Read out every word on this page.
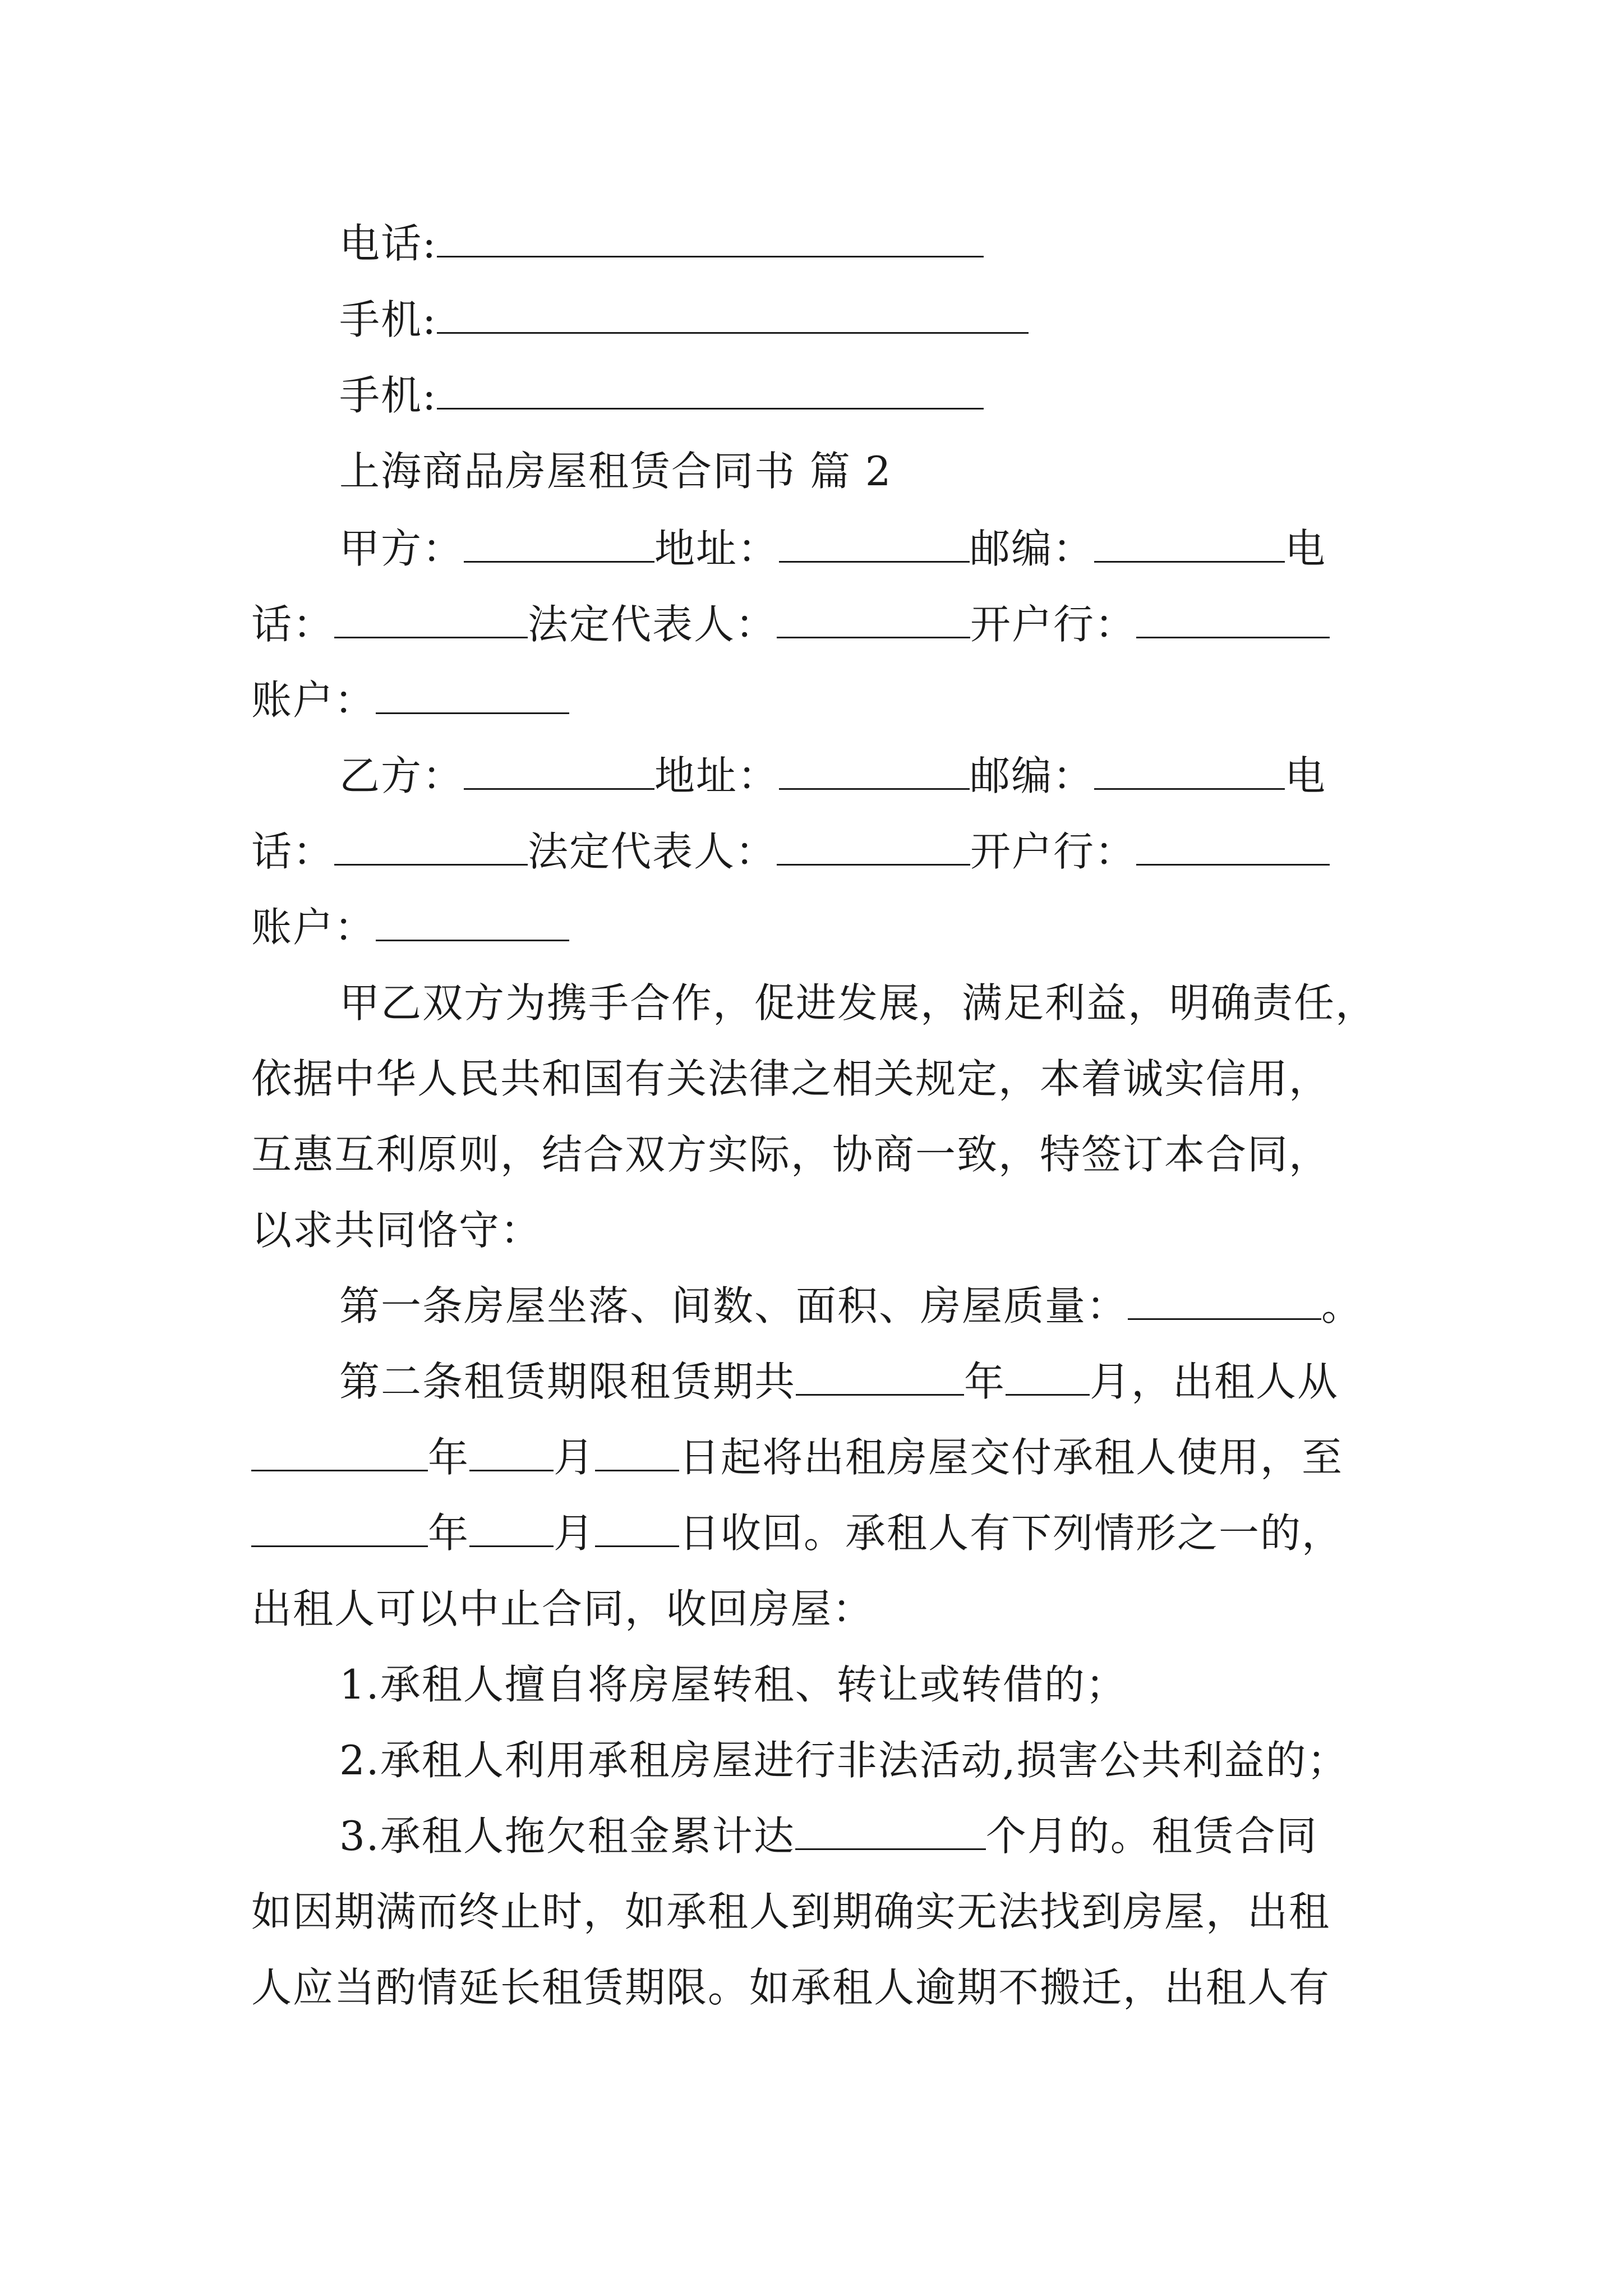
电话:
手机:
手机:
上海商品房屋租赁合同书 篇 2
甲方：	地址：	邮编：	电
话：	法定代表人：	开户行：
账户：
乙方：	地址：	邮编：	电
话：	法定代表人：	开户行：
账户：
甲乙双方为携手合作，促进发展，满足利益，明确责任，
依据中华人民共和国有关法律之相关规定，本着诚实信用，
互惠互利原则，结合双方实际，协商一致，特签订本合同，
以求共同恪守：
第一条房屋坐落、间数、面积、房屋质量：	。
第二条租赁期限租赁期共	年 月，出租人从
年 月 日起将出租房屋交付承租人使用，至
年 月 日收回。承租人有下列情形之一的，
出租人可以中止合同，收回房屋：
1.承租人擅自将房屋转租、转让或转借的；
2.承租人利用承租房屋进行非法活动,损害公共利益的；
3.承租人拖欠租金累计达	个月的。租赁合同
如因期满而终止时，如承租人到期确实无法找到房屋，出租
人应当酌情延长租赁期限。如承租人逾期不搬迁，出租人有
